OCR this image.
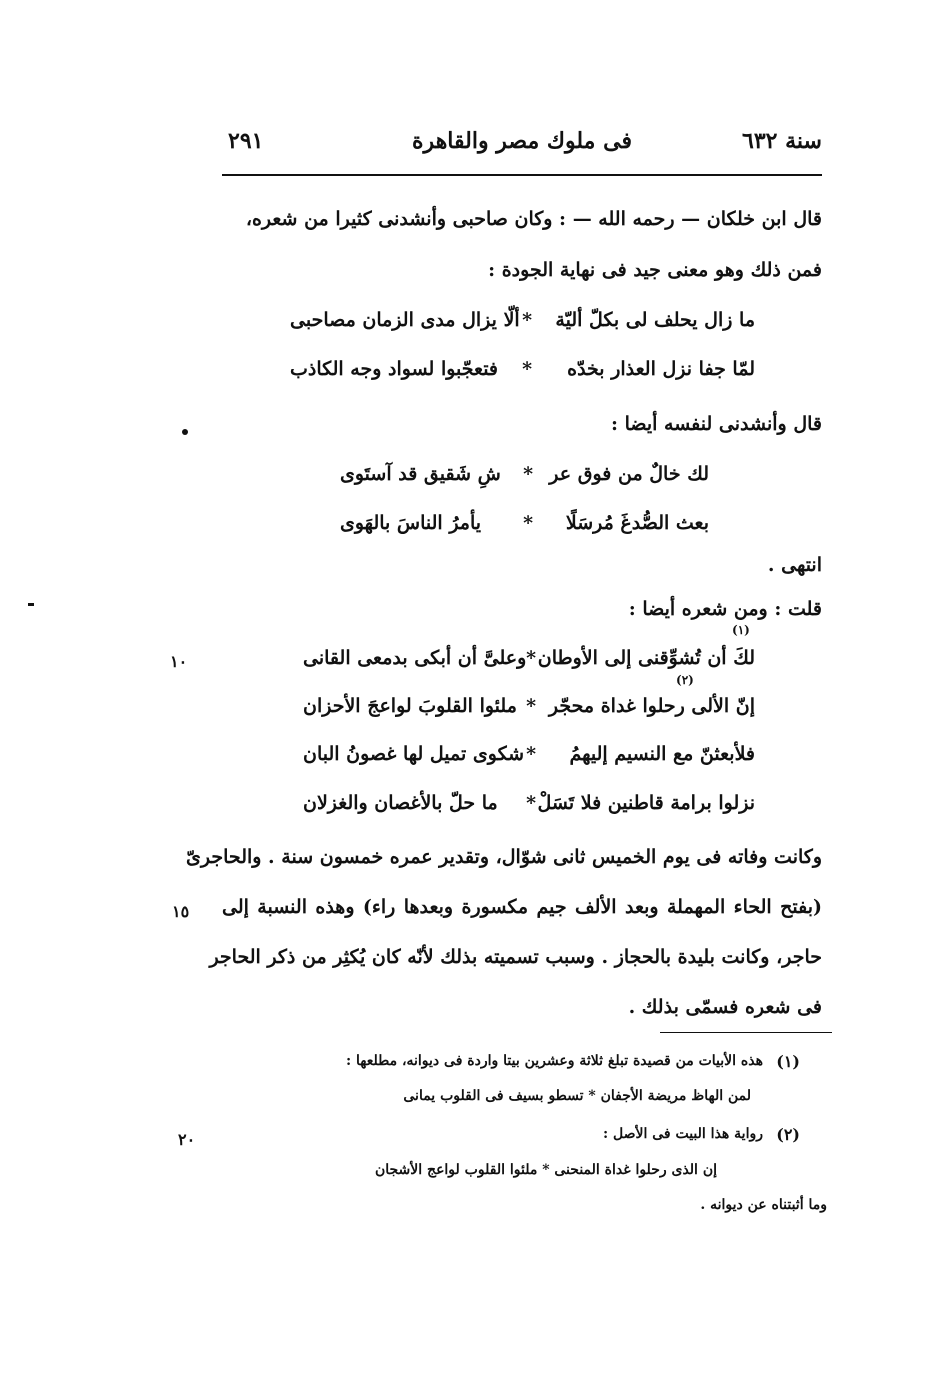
سنة ٦٣٢
فى ملوك مصر والقاهرة
٢٩١
قال ابن خلكان — رحمه الله — : وكان صاحبى وأنشدنى كثيرا من شعره،
فمن ذلك وهو معنى جيد فى نهاية الجودة :
ما زال يحلف لى بكلّ أليّة
*
ألّا يزال مدى الزمان مصاحبى
لمّا جفا نزل العذار بخدّه
*
فتعجّبوا لسواد وجه الكاذب
قال وأنشدنى لنفسه أيضا :
لك خالٌ من فوق عر
*
شِ شَقيق قد آستَوى
بعث الصُّدغَ مُرسَلًا
*
يأمرُ الناسَ بالهَوى
انتهى .
قلت : ومن شعره أيضا :
(١)
لكَ أن تُشوِّقنى إلى الأوطان
*
وعلىَّ أن أبكى بدمعى القانى
١٠
(٢)
إنّ الألى رحلوا غداة محجّر
*
ملئوا القلوبَ لواعجَ الأحزان
فلأبعثنّ مع النسيم إليهمُ
*
شكوى تميل لها غصونُ البان
نزلوا برامة قاطنين فلا تَسَلْ
*
ما حلّ بالأغصان والغزلان
وكانت وفاته فى يوم الخميس ثانى شوّال، وتقدير عمره خمسون سنة . والحاجرىّ
(بفتح الحاء المهملة وبعد الألف جيم مكسورة وبعدها راء) وهذه النسبة إلى
١٥
حاجر، وكانت بليدة بالحجاز . وسبب تسميته بذلك لأنّه كان يُكثِر من ذكر الحاجر
فى شعره فسمّى بذلك .
(١)
هذه الأبيات من قصيدة تبلغ ثلاثة وعشرين بيتا واردة فى ديوانه، مطلعها :
لمن الهاظ مريضة الأجفان * تسطو بسيف فى القلوب يمانى
(٢)
رواية هذا البيت فى الأصل :
٢٠
إن الذى رحلوا غداة المنحنى * ملئوا القلوب لواعج الأشجان
وما أثبتناه عن ديوانه .
